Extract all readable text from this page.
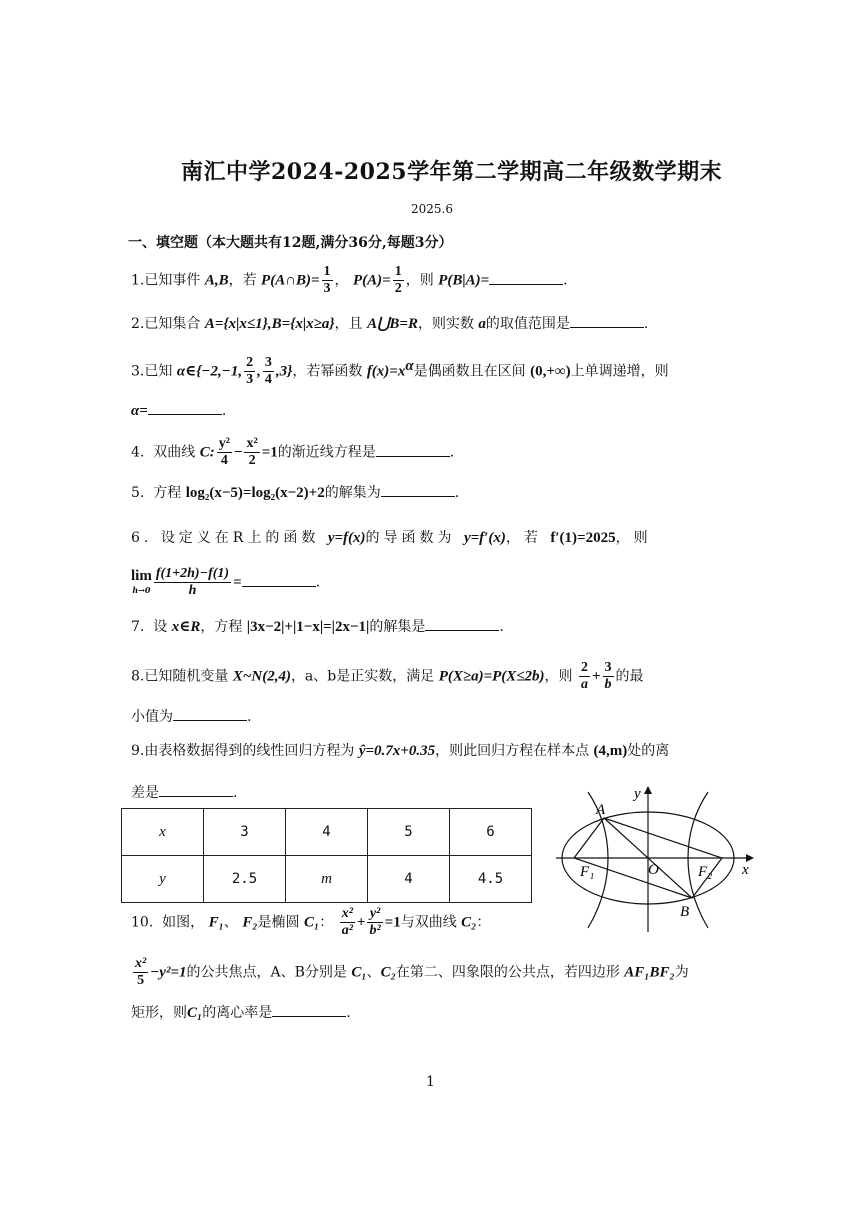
南汇中学2024-2025学年第二学期高二年级数学期末
2025.6
一、填空题（本大题共有12题,满分36分,每题3分）
1.已知事件 A,B，若 P(A∩B)= $\frac{1}{3}$ ， $P(A)= \frac{1}{2}$ ，则 P(B|A)=	.
2.已知集合 A={x|x≤1},B={x|x≥a}，且 A⋃B=R，则实数 a的取值范围是	.
3.已知 α∈{−2,−1, $\frac{2}{3}$ , $\frac{3}{4} ,3$}，若幂函数 $f(x)=x^\alpha$是偶函数且在区间 (0,+∞)上单调递增，则
α=	.
4. 双曲线 C: $\frac{\text{y²}}{4} - \frac{\text{x²}}{2} =1$的渐近线方程是	.
5. 方程 log₂(x−5)=log₂(x−2)+2的解集为	.
6. 设定义在R上的函数 y=f(x)的导函数为 y=f′(x)，若 f′(1)=2025，则
lim
$h\to 0 \frac{f(1+2h)-f(1)}{h}$ =	.
7. 设 x∈R，方程 |3x−2|+|1−x|=|2x−1|的解集是	.
8.已知随机变量 X~N(2,4)，a、b是正实数，满足 P(X≥a)=P(X≤2b)，则 $\frac{2}{a} + \frac{3}{b}$ 的最
小值为	.
9.由表格数据得到的线性回归方程为 ŷ=0.7x+0.35，则此回归方程在样本点 (4,m)处的离
差是	.
x	3	4	5	6
y	2.5	m	4	4.5
A
B
F₁	F₂
O	x
y
10. 如图， F₁、 F₂是椭圆 C₁： $\frac{\text{x²}}{\text{a²}} + \frac{\text{y²}}{\text{b²}} =1$与双曲线 C₂：
$\frac{\text{x²}}{5} -y^2=1$的公共焦点，A、B分别是 C₁、C₂在第二、四象限的公共点，若四边形 AF₁BF₂为
矩形，则C₁的离心率是	.
1
